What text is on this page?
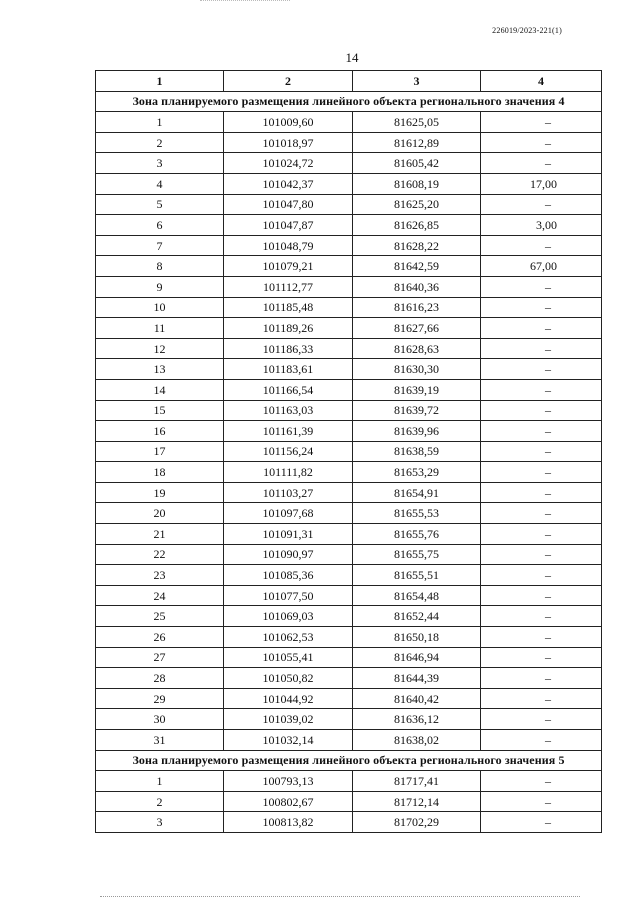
226019/2023-221(1)
14
1	2	3	4
Зона планируемого размещения линейного объекта регионального значения 4			
1	101009,60	81625,05	–
2	101018,97	81612,89	–
3	101024,72	81605,42	–
4	101042,37	81608,19	17,00
5	101047,80	81625,20	–
6	101047,87	81626,85	3,00
7	101048,79	81628,22	–
8	101079,21	81642,59	67,00
9	101112,77	81640,36	–
10	101185,48	81616,23	–
11	101189,26	81627,66	–
12	101186,33	81628,63	–
13	101183,61	81630,30	–
14	101166,54	81639,19	–
15	101163,03	81639,72	–
16	101161,39	81639,96	–
17	101156,24	81638,59	–
18	101111,82	81653,29	–
19	101103,27	81654,91	–
20	101097,68	81655,53	–
21	101091,31	81655,76	–
22	101090,97	81655,75	–
23	101085,36	81655,51	–
24	101077,50	81654,48	–
25	101069,03	81652,44	–
26	101062,53	81650,18	–
27	101055,41	81646,94	–
28	101050,82	81644,39	–
29	101044,92	81640,42	–
30	101039,02	81636,12	–
31	101032,14	81638,02	–
Зона планируемого размещения линейного объекта регионального значения 5			
1	100793,13	81717,41	–
2	100802,67	81712,14	–
3	100813,82	81702,29	–
